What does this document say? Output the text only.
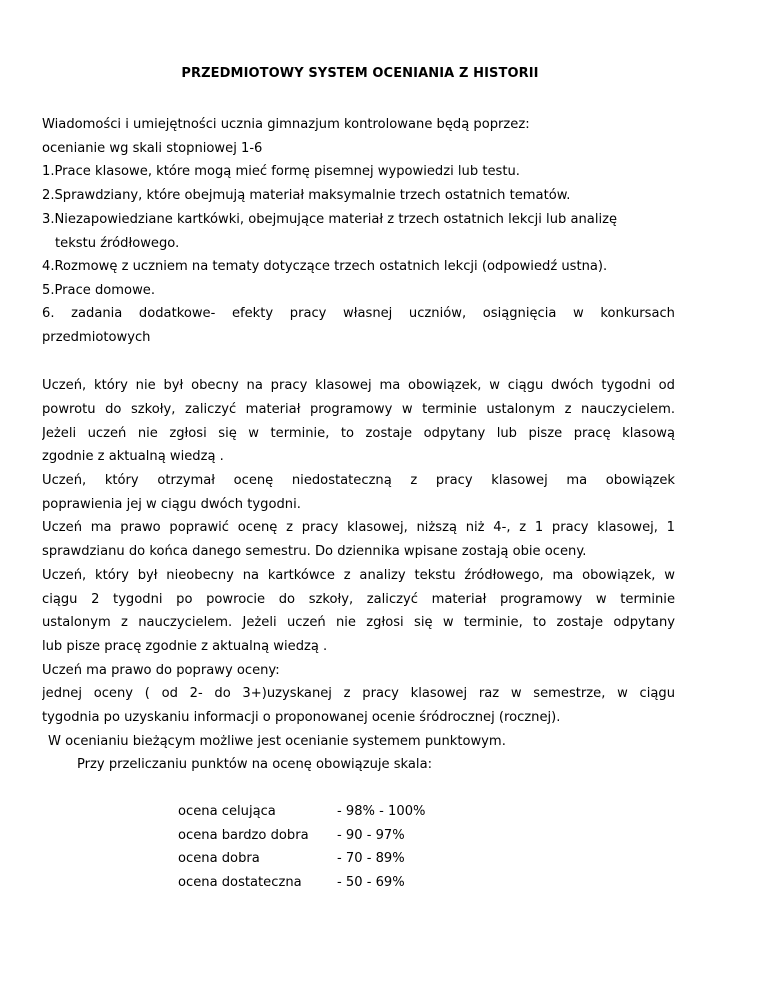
PRZEDMIOTOWY SYSTEM OCENIANIA Z HISTORII
Wiadomości i umiejętności ucznia gimnazjum kontrolowane będą poprzez:
ocenianie wg skali stopniowej 1-6
1.Prace klasowe, które mogą mieć formę pisemnej wypowiedzi lub testu.
2.Sprawdziany, które obejmują materiał maksymalnie trzech ostatnich tematów.
3.Niezapowiedziane kartkówki, obejmujące materiał z trzech ostatnich lekcji lub analizę
tekstu źródłowego.
4.Rozmowę z uczniem na tematy dotyczące trzech ostatnich lekcji (odpowiedź ustna).
5.Prace domowe.
6. zadania dodatkowe- efekty pracy własnej uczniów, osiągnięcia w konkursach
przedmiotowych
Uczeń, który nie był obecny na pracy klasowej ma obowiązek, w ciągu dwóch tygodni od
powrotu do szkoły, zaliczyć materiał programowy w terminie ustalonym z nauczycielem.
Jeżeli uczeń nie zgłosi się w terminie, to zostaje odpytany lub pisze pracę klasową
zgodnie z aktualną wiedzą .
Uczeń, który otrzymał ocenę niedostateczną z pracy klasowej ma obowiązek
poprawienia jej w ciągu dwóch tygodni.
Uczeń ma prawo poprawić ocenę z pracy klasowej, niższą niż 4-, z 1 pracy klasowej, 1
sprawdzianu do końca danego semestru. Do dziennika wpisane zostają obie oceny.
Uczeń, który był nieobecny na kartkówce z analizy tekstu źródłowego, ma obowiązek, w
ciągu 2 tygodni po powrocie do szkoły, zaliczyć materiał programowy w terminie
ustalonym z nauczycielem. Jeżeli uczeń nie zgłosi się w terminie, to zostaje odpytany
lub pisze pracę zgodnie z aktualną wiedzą .
Uczeń ma prawo do poprawy oceny:
jednej oceny ( od 2- do 3+)uzyskanej z pracy klasowej raz w semestrze, w ciągu
tygodnia po uzyskaniu informacji o proponowanej ocenie śródrocznej (rocznej).
W ocenianiu bieżącym możliwe jest ocenianie systemem punktowym.
Przy przeliczaniu punktów na ocenę obowiązuje skala:
ocena celująca	- 98% - 100%
ocena bardzo dobra - 90 - 97%
ocena dobra	- 70 - 89%
ocena dostateczna	- 50 - 69%
